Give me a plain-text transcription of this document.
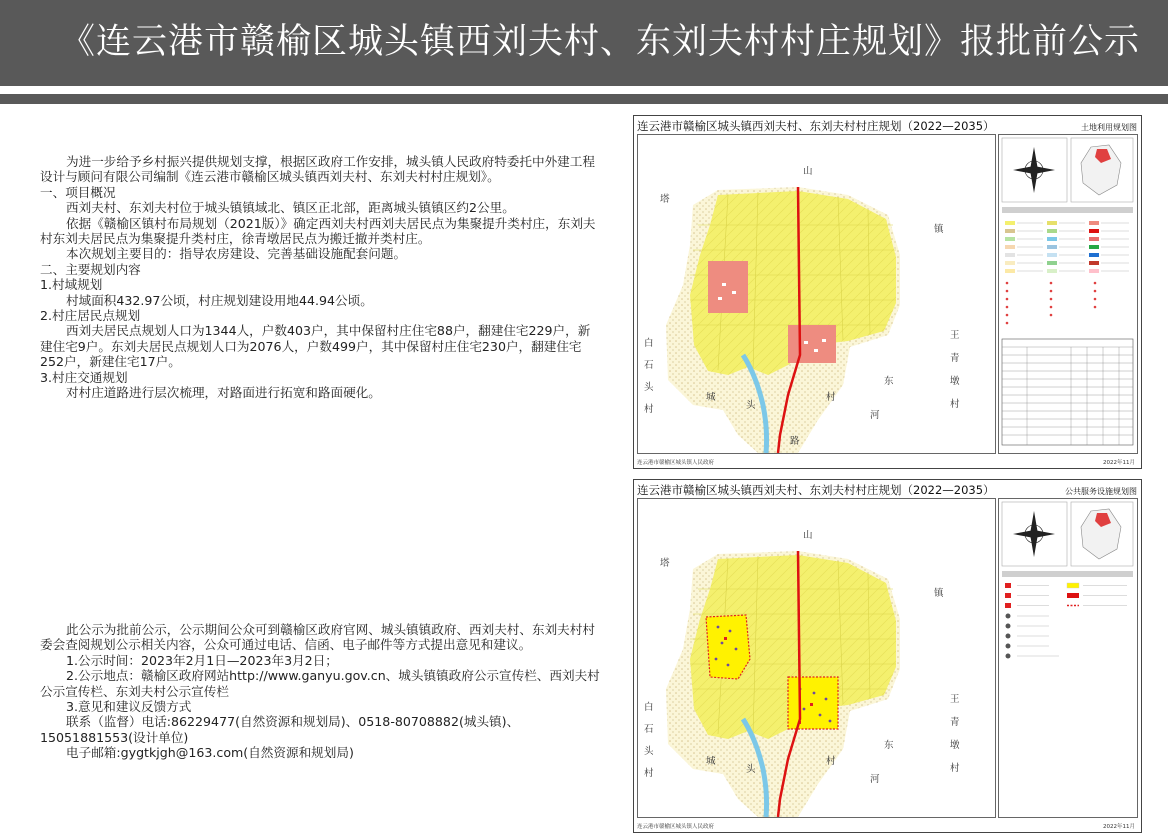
《连云港市赣榆区城头镇西刘夫村、东刘夫村村庄规划》报批前公示

为进一步给予乡村振兴提供规划支撑，根据区政府工作安排，城头镇人民政府特委托中外建工程设计与顾问有限公司编制《连云港市赣榆区城头镇西刘夫村、东刘夫村村庄规划》。

一、项目概况

西刘夫村、东刘夫村位于城头镇镇域北、镇区正北部，距离城头镇镇区约2公里。

依据《赣榆区镇村布局规划（2021版）》确定西刘夫村西刘夫居民点为集聚提升类村庄，东刘夫村东刘夫居民点为集聚提升类村庄，徐青墩居民点为搬迁撤并类村庄。

本次规划主要目的：指导农房建设、完善基础设施配套问题。

二、主要规划内容

1.村域规划

村域面积432.97公顷，村庄规划建设用地44.94公顷。

2.村庄居民点规划

西刘夫居民点规划人口为1344人，户数403户，其中保留村庄住宅88户，翻建住宅229户，新建住宅9户。东刘夫居民点规划人口为2076人，户数499户，其中保留村庄住宅230户，翻建住宅252户，新建住宅17户。

3.村庄交通规划

对村庄道路进行层次梳理，对路面进行拓宽和路面硬化。

此公示为批前公示，公示期间公众可到赣榆区政府官网、城头镇镇政府、西刘夫村、东刘夫村村委会查阅规划公示相关内容，公众可通过电话、信函、电子邮件等方式提出意见和建议。

1.公示时间：2023年2月1日—2023年3月2日；

2.公示地点：赣榆区政府网站http://www.ganyu.gov.cn、城头镇镇政府公示宣传栏、西刘夫村公示宣传栏、东刘夫村公示宣传栏

3.意见和建议反馈方式

联系（监督）电话:86229477(自然资源和规划局)、0518-80708882(城头镇)、15051881553(设计单位)

电子邮箱:gygtkjgh@163.com(自然资源和规划局)

连云港市赣榆区城头镇西刘夫村、东刘夫村村庄规划（2022—2035）	土地利用规划图
山
塔
镇
王
青
墩
村
白
石
头
村
城
头
村
东
河
路
连云港市赣榆区城头镇人民政府	2022年11月
连云港市赣榆区城头镇西刘夫村、东刘夫村村庄规划（2022—2035）	公共服务设施规划图
山
塔
镇
王
青
墩
村
白
石
头
村
城
头
村
东
河
连云港市赣榆区城头镇人民政府	2022年11月
